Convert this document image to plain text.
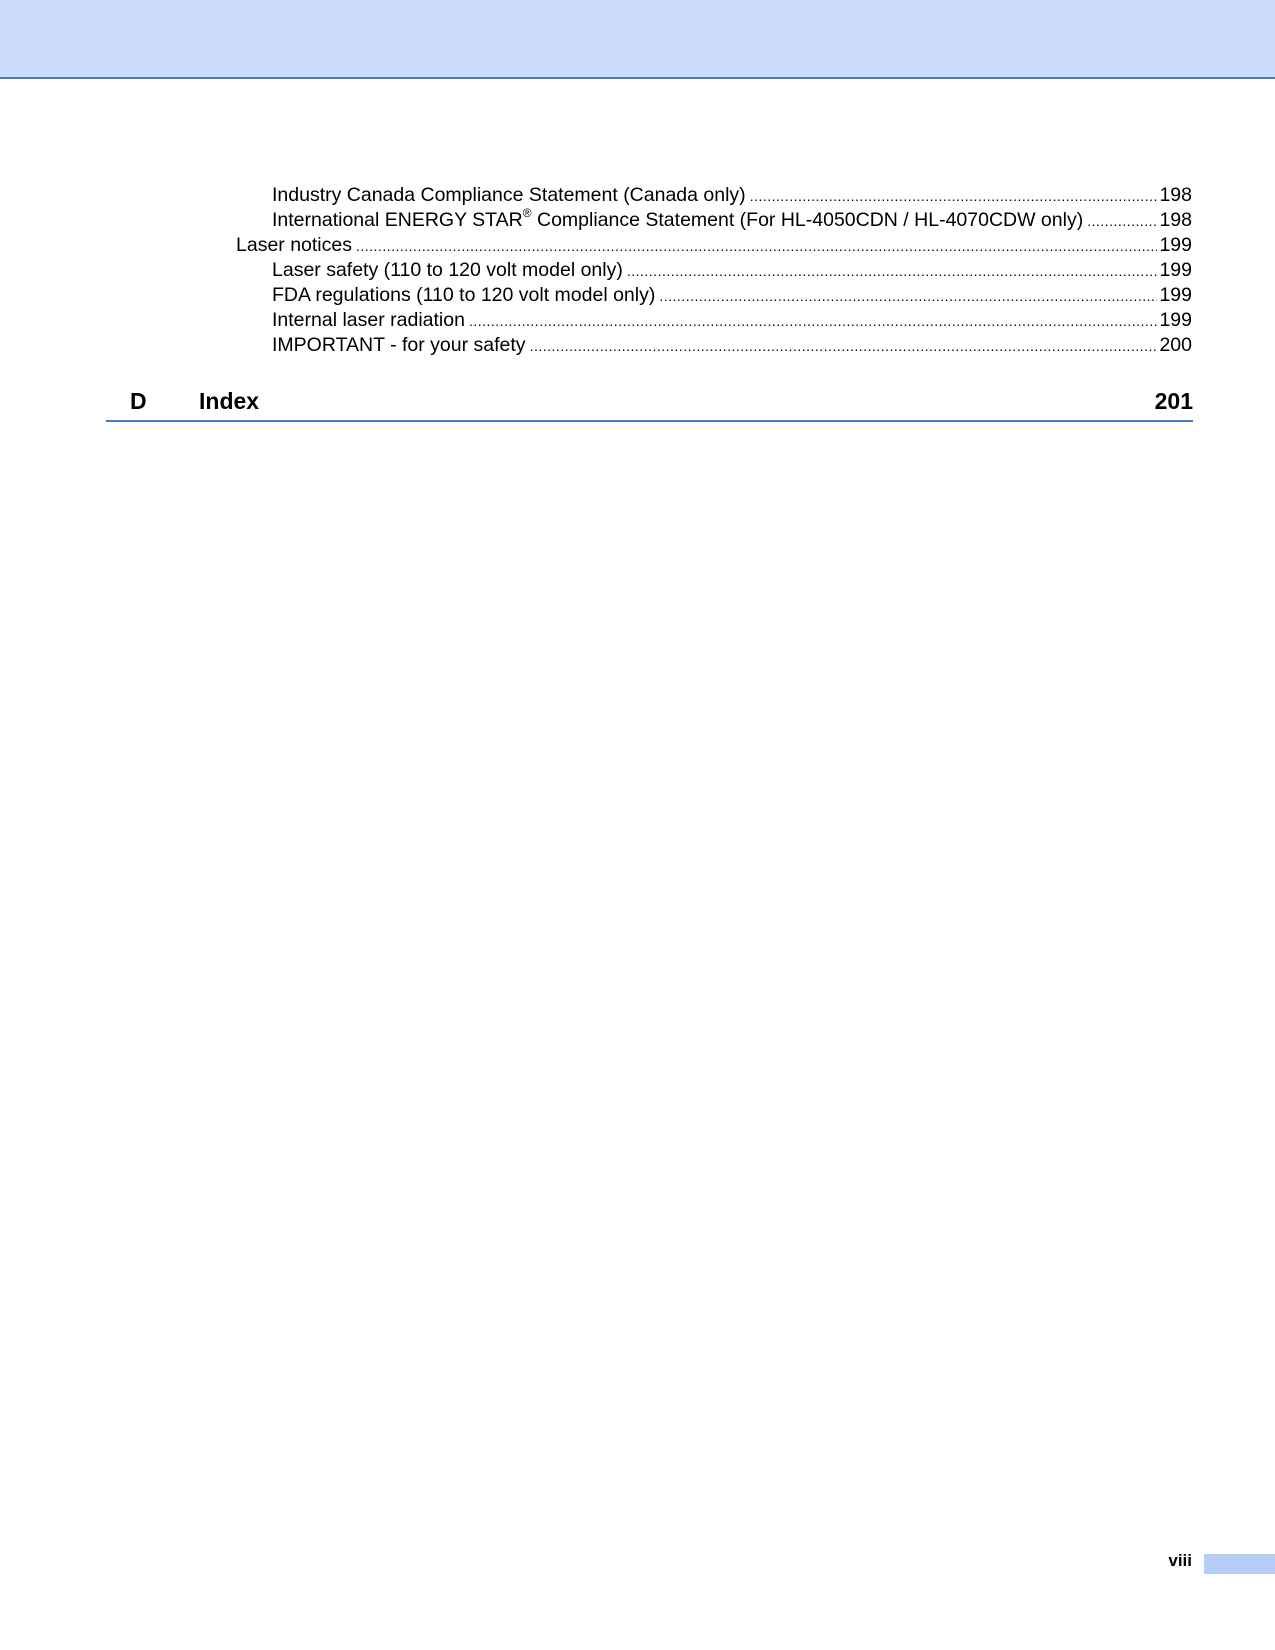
Industry Canada Compliance Statement (Canada only) .....	198
International ENERGY STAR® Compliance Statement (For HL-4050CDN / HL-4070CDW only) .....	198
Laser notices .....	199
Laser safety (110 to 120 volt model only) .....	199
FDA regulations (110 to 120 volt model only) .....	199
Internal laser radiation .....	199
IMPORTANT - for your safety .....	200
D Index	201
viii
